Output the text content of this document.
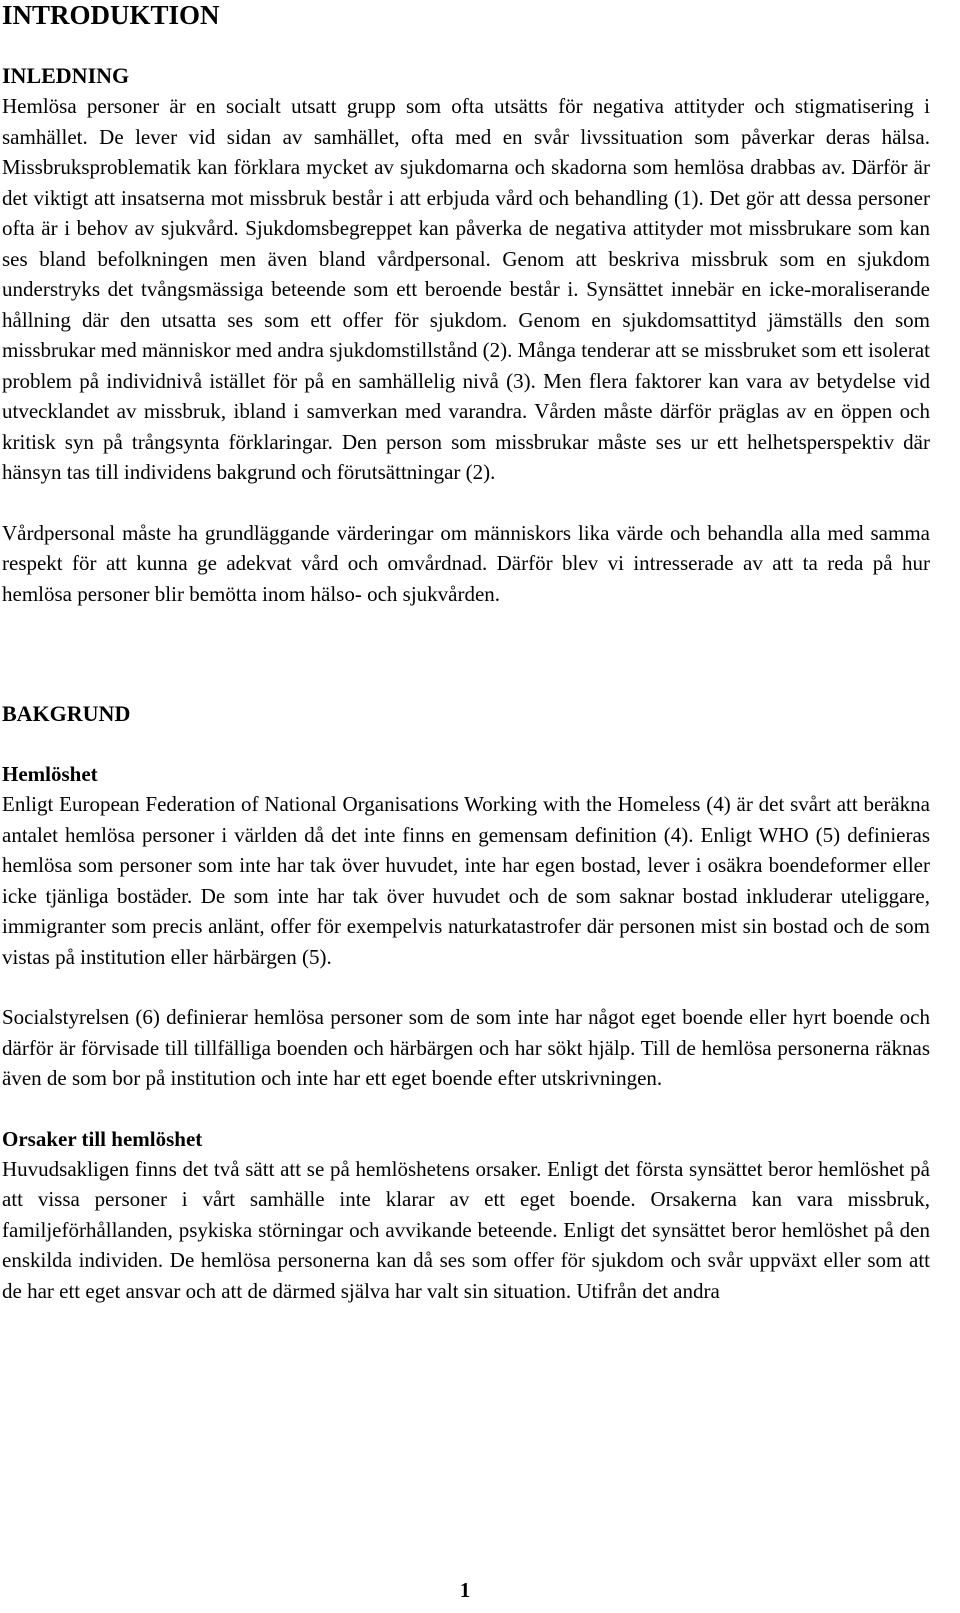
INTRODUKTION
INLEDNING

Hemlösa personer är en socialt utsatt grupp som ofta utsätts för negativa attityder och stigmatisering i samhället. De lever vid sidan av samhället, ofta med en svår livssituation som påverkar deras hälsa. Missbruksproblematik kan förklara mycket av sjukdomarna och skadorna som hemlösa drabbas av. Därför är det viktigt att insatserna mot missbruk består i att erbjuda vård och behandling (1). Det gör att dessa personer ofta är i behov av sjukvård. Sjukdomsbegreppet kan påverka de negativa attityder mot missbrukare som kan ses bland befolkningen men även bland vårdpersonal. Genom att beskriva missbruk som en sjukdom understryks det tvångsmässiga beteende som ett beroende består i. Synsättet innebär en icke-moraliserande hållning där den utsatta ses som ett offer för sjukdom. Genom en sjukdomsattityd jämställs den som missbrukar med människor med andra sjukdomstillstånd (2). Många tenderar att se missbruket som ett isolerat problem på individnivå istället för på en samhällelig nivå (3). Men flera faktorer kan vara av betydelse vid utvecklandet av missbruk, ibland i samverkan med varandra. Vården måste därför präglas av en öppen och kritisk syn på trångsynta förklaringar. Den person som missbrukar måste ses ur ett helhetsperspektiv där hänsyn tas till individens bakgrund och förutsättningar (2).

Vårdpersonal måste ha grundläggande värderingar om människors lika värde och behandla alla med samma respekt för att kunna ge adekvat vård och omvårdnad. Därför blev vi intresserade av att ta reda på hur hemlösa personer blir bemötta inom hälso- och sjukvården.

BAKGRUND
Hemlöshet

Enligt European Federation of National Organisations Working with the Homeless (4) är det svårt att beräkna antalet hemlösa personer i världen då det inte finns en gemensam definition (4). Enligt WHO (5) definieras hemlösa som personer som inte har tak över huvudet, inte har egen bostad, lever i osäkra boendeformer eller icke tjänliga bostäder. De som inte har tak över huvudet och de som saknar bostad inkluderar uteliggare, immigranter som precis anlänt, offer för exempelvis naturkatastrofer där personen mist sin bostad och de som vistas på institution eller härbärgen (5).

Socialstyrelsen (6) definierar hemlösa personer som de som inte har något eget boende eller hyrt boende och därför är förvisade till tillfälliga boenden och härbärgen och har sökt hjälp. Till de hemlösa personerna räknas även de som bor på institution och inte har ett eget boende efter utskrivningen.

Orsaker till hemlöshet

Huvudsakligen finns det två sätt att se på hemlöshetens orsaker. Enligt det första synsättet beror hemlöshet på att vissa personer i vårt samhälle inte klarar av ett eget boende. Orsakerna kan vara missbruk, familjeförhållanden, psykiska störningar och avvikande beteende. Enligt det synsättet beror hemlöshet på den enskilda individen. De hemlösa personerna kan då ses som offer för sjukdom och svår uppväxt eller som att de har ett eget ansvar och att de därmed själva har valt sin situation. Utifrån det andra

1
